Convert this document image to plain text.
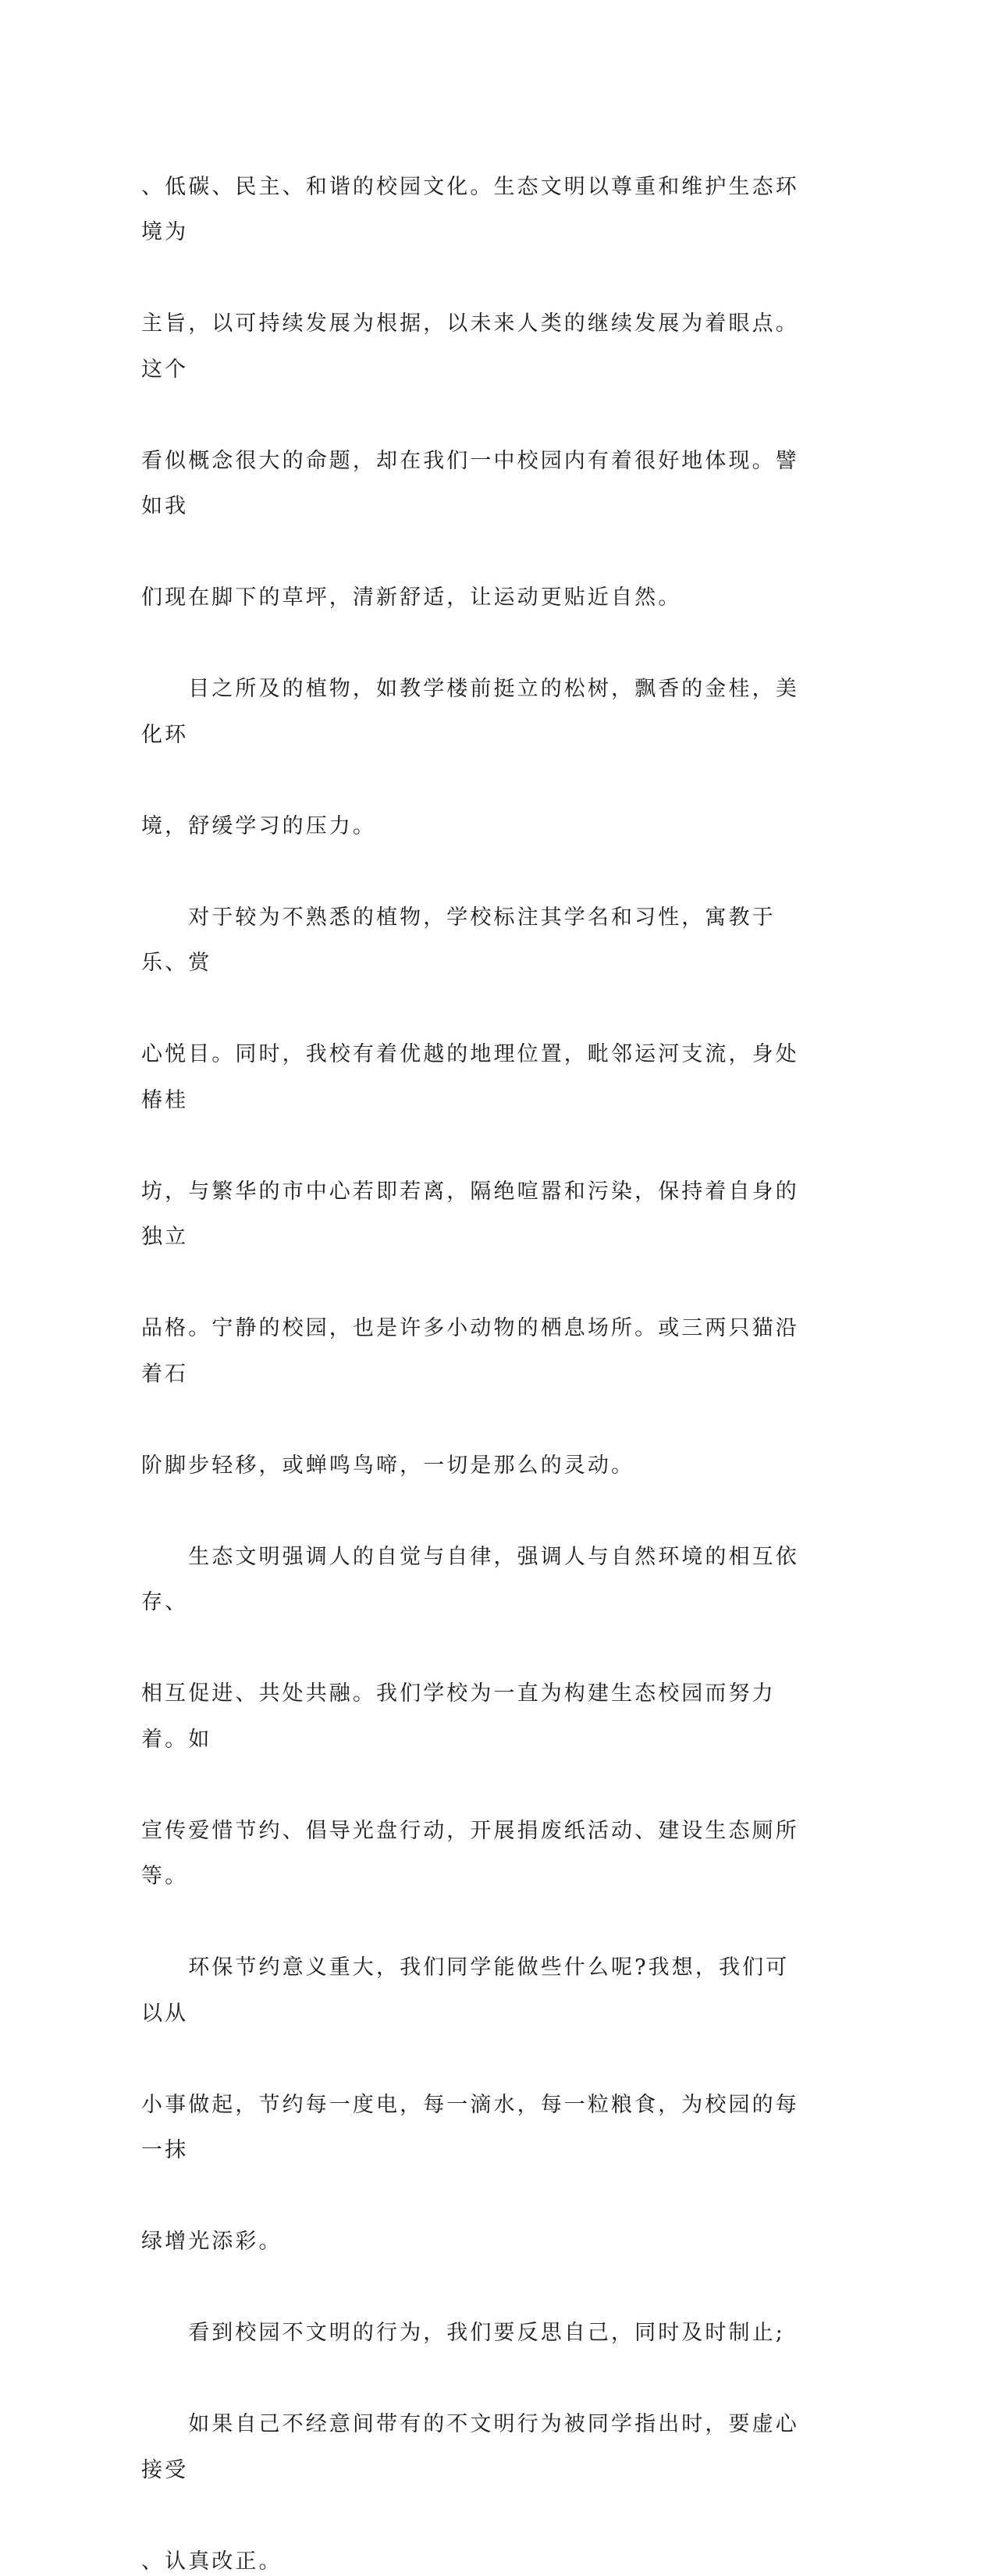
、低碳、民主、和谐的校园文化。生态文明以尊重和维护生态环境为

主旨，以可持续发展为根据，以未来人类的继续发展为着眼点。这个

看似概念很大的命题，却在我们一中校园内有着很好地体现。譬如我

们现在脚下的草坪，清新舒适，让运动更贴近自然。

　　目之所及的植物，如教学楼前挺立的松树，飘香的金桂，美化环

境，舒缓学习的压力。

　　对于较为不熟悉的植物，学校标注其学名和习性，寓教于乐、赏

心悦目。同时，我校有着优越的地理位置，毗邻运河支流，身处椿桂

坊，与繁华的市中心若即若离，隔绝喧嚣和污染，保持着自身的独立

品格。宁静的校园，也是许多小动物的栖息场所。或三两只猫沿着石

阶脚步轻移，或蝉鸣鸟啼，一切是那么的灵动。

　　生态文明强调人的自觉与自律，强调人与自然环境的相互依存、

相互促进、共处共融。我们学校为一直为构建生态校园而努力着。如

宣传爱惜节约、倡导光盘行动，开展捐废纸活动、建设生态厕所等。

　　环保节约意义重大，我们同学能做些什么呢?我想，我们可以从

小事做起，节约每一度电，每一滴水，每一粒粮食，为校园的每一抹

绿增光添彩。

　　看到校园不文明的行为，我们要反思自己，同时及时制止;

　　如果自己不经意间带有的不文明行为被同学指出时，要虚心接受

、认真改正。
